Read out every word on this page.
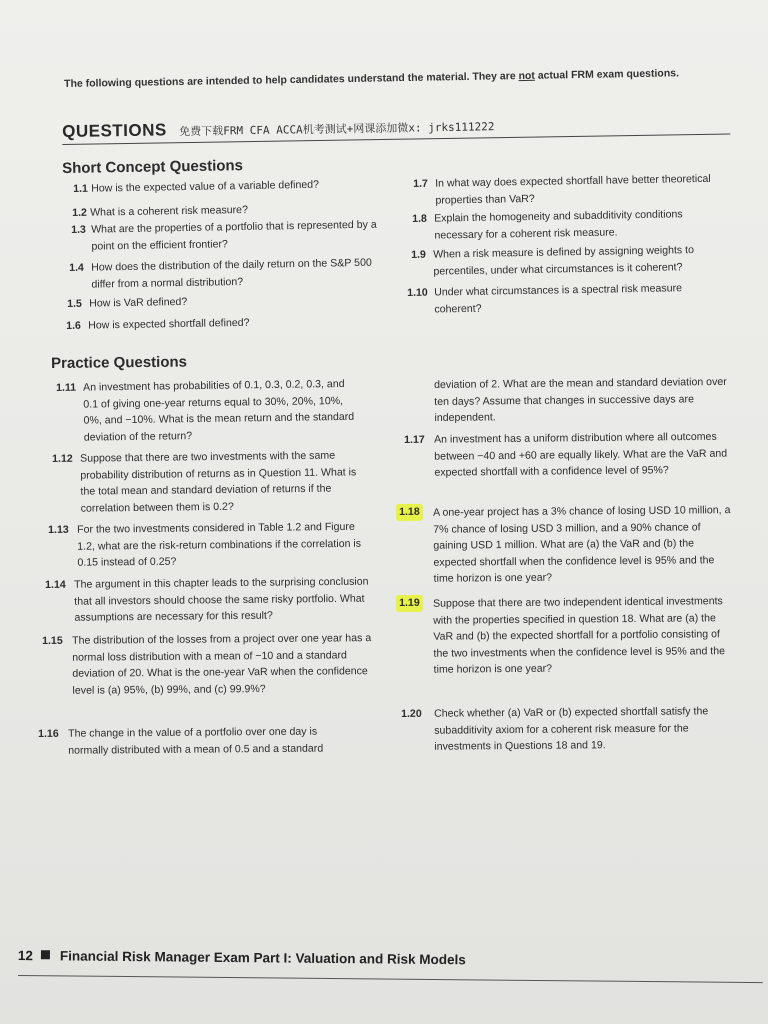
The following questions are intended to help candidates understand the material. They are not actual FRM exam questions.
QUESTIONS 免费下载FRM CFA ACCA机考测试+网课添加微x: jrks111222
Short Concept Questions
1.1 How is the expected value of a variable defined?
1.2 What is a coherent risk measure?
1.3 What are the properties of a portfolio that is represented by a point on the efficient frontier?
1.4 How does the distribution of the daily return on the S&P 500 differ from a normal distribution?
1.5 How is VaR defined?
1.6 How is expected shortfall defined?
1.7 In what way does expected shortfall have better theoretical properties than VaR?
1.8 Explain the homogeneity and subadditivity conditions necessary for a coherent risk measure.
1.9 When a risk measure is defined by assigning weights to percentiles, under what circumstances is it coherent?
1.10 Under what circumstances is a spectral risk measure coherent?
Practice Questions
1.11 An investment has probabilities of 0.1, 0.3, 0.2, 0.3, and 0.1 of giving one-year returns equal to 30%, 20%, 10%, 0%, and −10%. What is the mean return and the standard deviation of the return?
1.12 Suppose that there are two investments with the same probability distribution of returns as in Question 11. What is the total mean and standard deviation of returns if the correlation between them is 0.2?
1.13 For the two investments considered in Table 1.2 and Figure 1.2, what are the risk-return combinations if the correlation is 0.15 instead of 0.25?
1.14 The argument in this chapter leads to the surprising conclusion that all investors should choose the same risky portfolio. What assumptions are necessary for this result?
1.15 The distribution of the losses from a project over one year has a normal loss distribution with a mean of −10 and a standard deviation of 20. What is the one-year VaR when the confidence level is (a) 95%, (b) 99%, and (c) 99.9%?
1.16 The change in the value of a portfolio over one day is normally distributed with a mean of 0.5 and a standard
deviation of 2. What are the mean and standard deviation over ten days? Assume that changes in successive days are independent.
1.17 An investment has a uniform distribution where all outcomes between −40 and +60 are equally likely. What are the VaR and expected shortfall with a confidence level of 95%?
1.18	A one-year project has a 3% chance of losing USD 10 million, a 7% chance of losing USD 3 million, and a 90% chance of gaining USD 1 million. What are (a) the VaR and (b) the expected shortfall when the confidence level is 95% and the time horizon is one year?
1.19	Suppose that there are two independent identical investments with the properties specified in question 18. What are (a) the VaR and (b) the expected shortfall for a portfolio consisting of the two investments when the confidence level is 95% and the time horizon is one year?
1.20	Check whether (a) VaR or (b) expected shortfall satisfy the subadditivity axiom for a coherent risk measure for the investments in Questions 18 and 19.
12 Financial Risk Manager Exam Part I: Valuation and Risk Models
